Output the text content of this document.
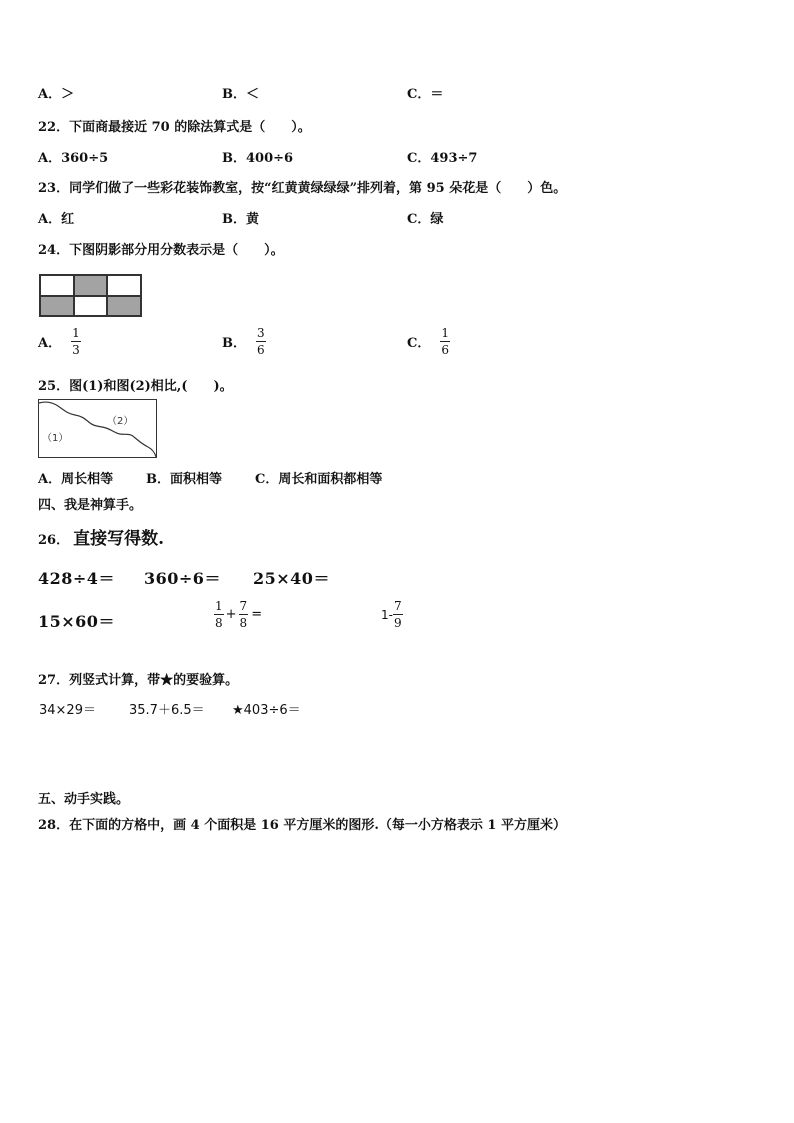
A．＞	B．＜	C．＝
22．下面商最接近 70 的除法算式是（　　）。
A．360÷5	B．400÷6	C．493÷7
23．同学们做了一些彩花装饰教室，按“红黄黄绿绿绿”排列着，第 95 朵花是（　　）色。
A．红	B．黄	C．绿
24．下图阴影部分用分数表示是（　　）。
A． $\frac{1}{3}$	B． $\frac{3}{6}$	C． $\frac{1}{6}$
25．图(1)和图(2)相比,(　　)。
（1）
（2）
A．周长相等	B．面积相等	C．周长和面积都相等
四、我是神算手。
26． 直接写得数.
428÷4＝ 360÷6＝ 25×40＝
15×60＝	$\frac{1}{8} + \frac{7}{8}$ =	$1- \frac{7}{9}$
27．列竖式计算，带★的要验算。
34×29＝	35.7＋6.5＝ ★403÷6＝
五、动手实践。
28．在下面的方格中，画 4 个面积是 16 平方厘米的图形.（每一小方格表示 1 平方厘米）
